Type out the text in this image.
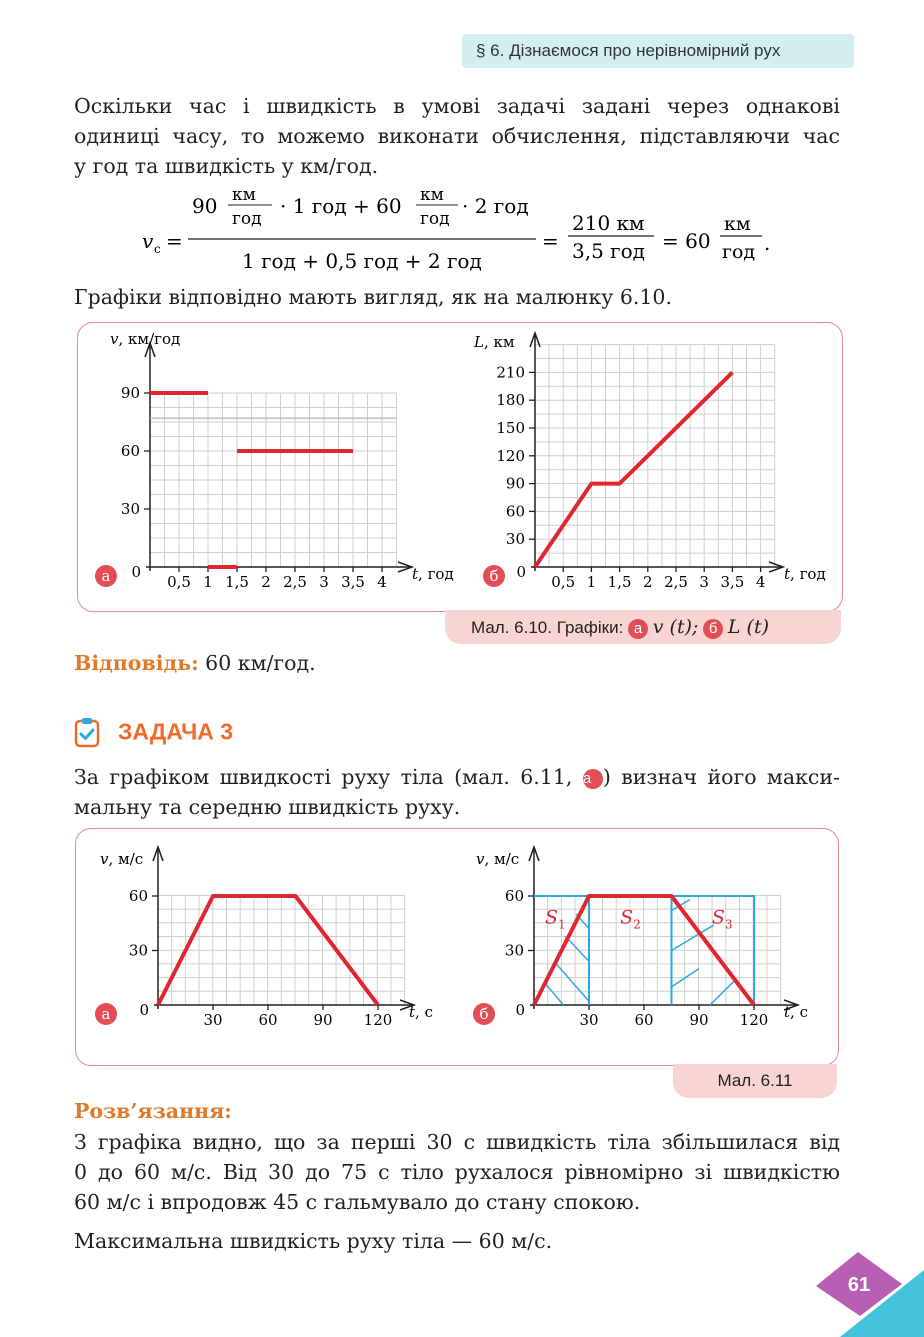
§ 6. Дізнаємося про нерівномірний рух
Оскільки час і швидкість в умові задачі задані через однакові
одиниці часу, то можемо виконати обчислення, підставляючи час
у год та швидкість у км/год.
v c =
90 км
год
· 1 год + 60 км
год
· 2 год
1 год + 0,5 год + 2 год
=
210 км
3,5 год = 60
км
год .
Графіки відповідно мають вигляд, як на малюнку 6.10.
v, км/год
t, год
0
а
30
60
90
0,5 1 1,5 2 2,5 3 3,5 4
L, км
t, год
0
б
30
60
90
120
150
180
210
0,5 1 1,5 2 2,5 3 3,5 4
Мал. 6.10. Графіки: а v (t); б L (t)
Відповідь: 60 км/год.
ЗАДАЧА 3
За графіком швидкості руху тіла (мал. 6.11, а ) визнач його макси-
мальну та середню швидкість руху.
v, м/с
t, с
0
а
30
60
30 60 90 120
v, м/с
t, с
0
б
30
60
30 60 90 120
$S_1$	$S_2$	$S_3$
Мал. 6.11
Розв’язання:
З графіка видно, що за перші 30 с швидкість тіла збільшилася від
0 до 60 м/с. Від 30 до 75 с тіло рухалося рівномірно зі швидкістю
60 м/с і впродовж 45 с гальмувало до стану спокою.
Максимальна швидкість руху тіла — 60 м/с.
61
